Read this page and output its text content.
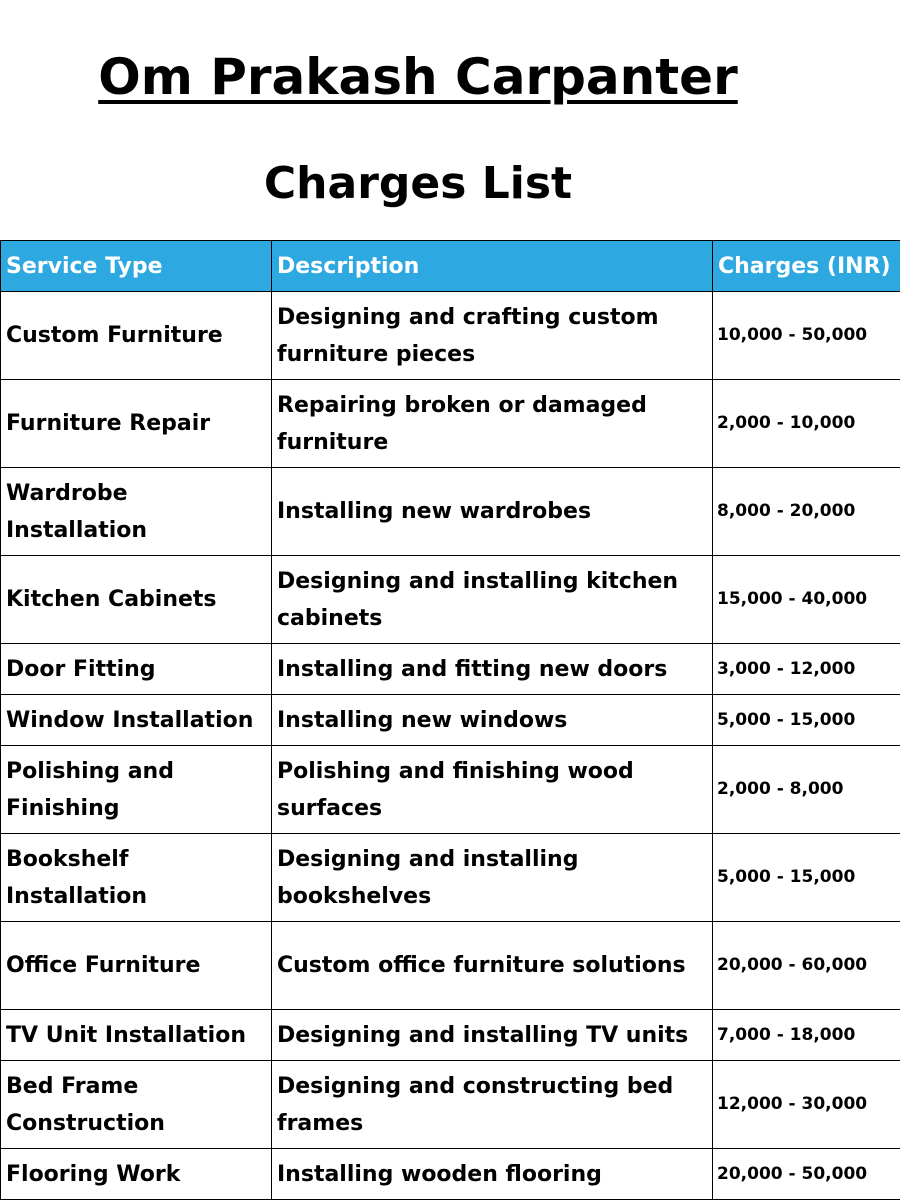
Om Prakash Carpanter
Charges List
Service Type	Description	Charges (INR)
Custom Furniture	Designing and crafting custom furniture pieces	10,000 - 50,000
Furniture Repair	Repairing broken or damaged furniture	2,000 - 10,000
Wardrobe Installation	Installing new wardrobes	8,000 - 20,000
Kitchen Cabinets	Designing and installing kitchen cabinets	15,000 - 40,000
Door Fitting	Installing and fitting new doors	3,000 - 12,000
Window Installation	Installing new windows	5,000 - 15,000
Polishing and Finishing	Polishing and finishing wood surfaces	2,000 - 8,000
Bookshelf Installation	Designing and installing bookshelves	5,000 - 15,000
Office Furniture	Custom office furniture solutions	20,000 - 60,000
TV Unit Installation	Designing and installing TV units	7,000 - 18,000
Bed Frame Construction	Designing and constructing bed frames	12,000 - 30,000
Flooring Work	Installing wooden flooring	20,000 - 50,000
